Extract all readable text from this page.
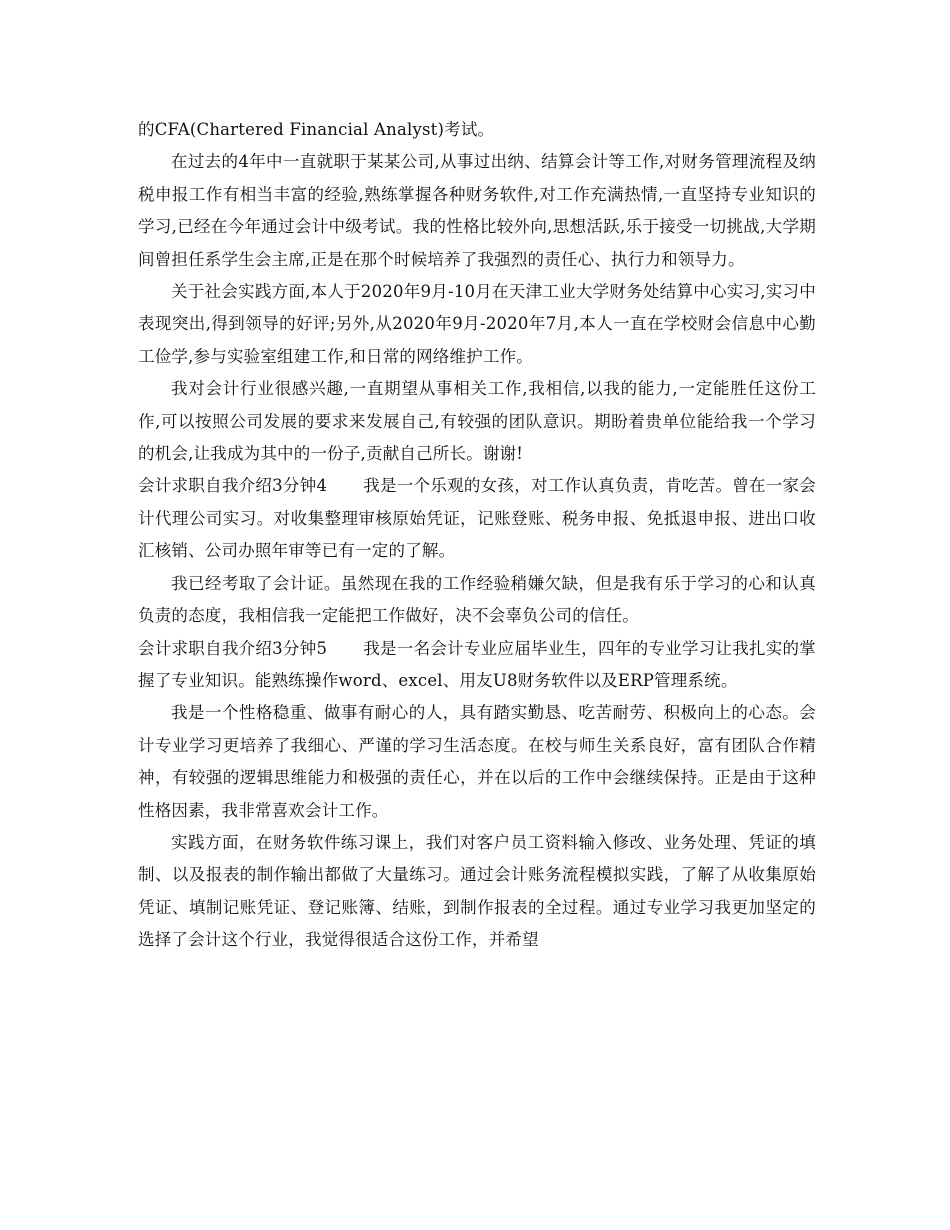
的CFA(Chartered Financial Analyst)考试。

在过去的4年中一直就职于某某公司,从事过出纳、结算会计等工作,对财务管理流程及纳税申报工作有相当丰富的经验,熟练掌握各种财务软件,对工作充满热情,一直坚持专业知识的学习,已经在今年通过会计中级考试。我的性格比较外向,思想活跃,乐于接受一切挑战,大学期间曾担任系学生会主席,正是在那个时候培养了我强烈的责任心、执行力和领导力。

关于社会实践方面,本人于2020年9月-10月在天津工业大学财务处结算中心实习,实习中表现突出,得到领导的好评;另外,从2020年9月-2020年7月,本人一直在学校财会信息中心勤工俭学,参与实验室组建工作,和日常的网络维护工作。

我对会计行业很感兴趣,一直期望从事相关工作,我相信,以我的能力,一定能胜任这份工作,可以按照公司发展的要求来发展自己,有较强的团队意识。期盼着贵单位能给我一个学习的机会,让我成为其中的一份子,贡献自己所长。谢谢!

会计求职自我介绍3分钟4 我是一个乐观的女孩，对工作认真负责，肯吃苦。曾在一家会计代理公司实习。对收集整理审核原始凭证，记账登账、税务申报、免抵退申报、进出口收汇核销、公司办照年审等已有一定的了解。

我已经考取了会计证。虽然现在我的工作经验稍嫌欠缺，但是我有乐于学习的心和认真负责的态度，我相信我一定能把工作做好，决不会辜负公司的信任。

会计求职自我介绍3分钟5 我是一名会计专业应届毕业生，四年的专业学习让我扎实的掌握了专业知识。能熟练操作word、excel、用友U8财务软件以及ERP管理系统。

我是一个性格稳重、做事有耐心的人，具有踏实勤恳、吃苦耐劳、积极向上的心态。会计专业学习更培养了我细心、严谨的学习生活态度。在校与师生关系良好，富有团队合作精神，有较强的逻辑思维能力和极强的责任心，并在以后的工作中会继续保持。正是由于这种性格因素，我非常喜欢会计工作。

实践方面，在财务软件练习课上，我们对客户员工资料输入修改、业务处理、凭证的填制、以及报表的制作输出都做了大量练习。通过会计账务流程模拟实践，了解了从收集原始凭证、填制记账凭证、登记账簿、结账，到制作报表的全过程。通过专业学习我更加坚定的选择了会计这个行业，我觉得很适合这份工作，并希望
